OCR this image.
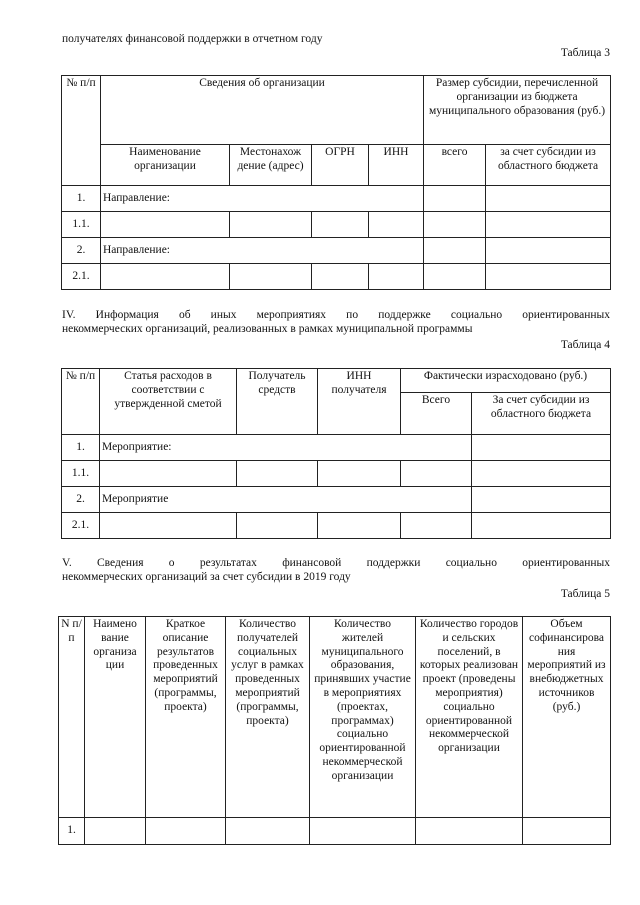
получателях финансовой поддержки в отчетном году
Таблица 3
№ п/п	Сведения об организации				Размер субсидии, перечисленной организации из бюджета муниципального образования (руб.)	
	Наименование организации	Местонахож дение (адрес)	ОГРН	ИНН	всего	за счет субсидии из областного бюджета
1.	Направление:					
1.1.						
2.	Направление:					
2.1.						
IV. Информация об иных мероприятиях по поддержке социально ориентированных
некоммерческих организаций, реализованных в рамках муниципальной программы
Таблица 4
№ п/п	Статья расходов в соответствии с утвержденной сметой	Получатель средств	ИНН получателя	Фактически израсходовано (руб.)	
				Всего	За счет субсидии из областного бюджета
1.	Мероприятие:				
1.1.					
2.	Мероприятие				
2.1.					
V. Сведения о результатах финансовой поддержки социально ориентированных
некоммерческих организаций за счет субсидии в 2019 году
Таблица 5
N п/п	Наимено вание организа ции	Краткое описание результатов проведенных мероприятий (программы, проекта)	Количество получателей социальных услуг в рамках проведенных мероприятий (программы, проекта)	Количество жителей муниципального образования, принявших участие в мероприятиях (проектах, программах) социально ориентированной некоммерческой организации	Количество городов и сельских поселений, в которых реализован проект (проведены мероприятия) социально ориентированной некоммерческой организации	Объем софинансирова ния мероприятий из внебюджетных источников (руб.)
1.						
